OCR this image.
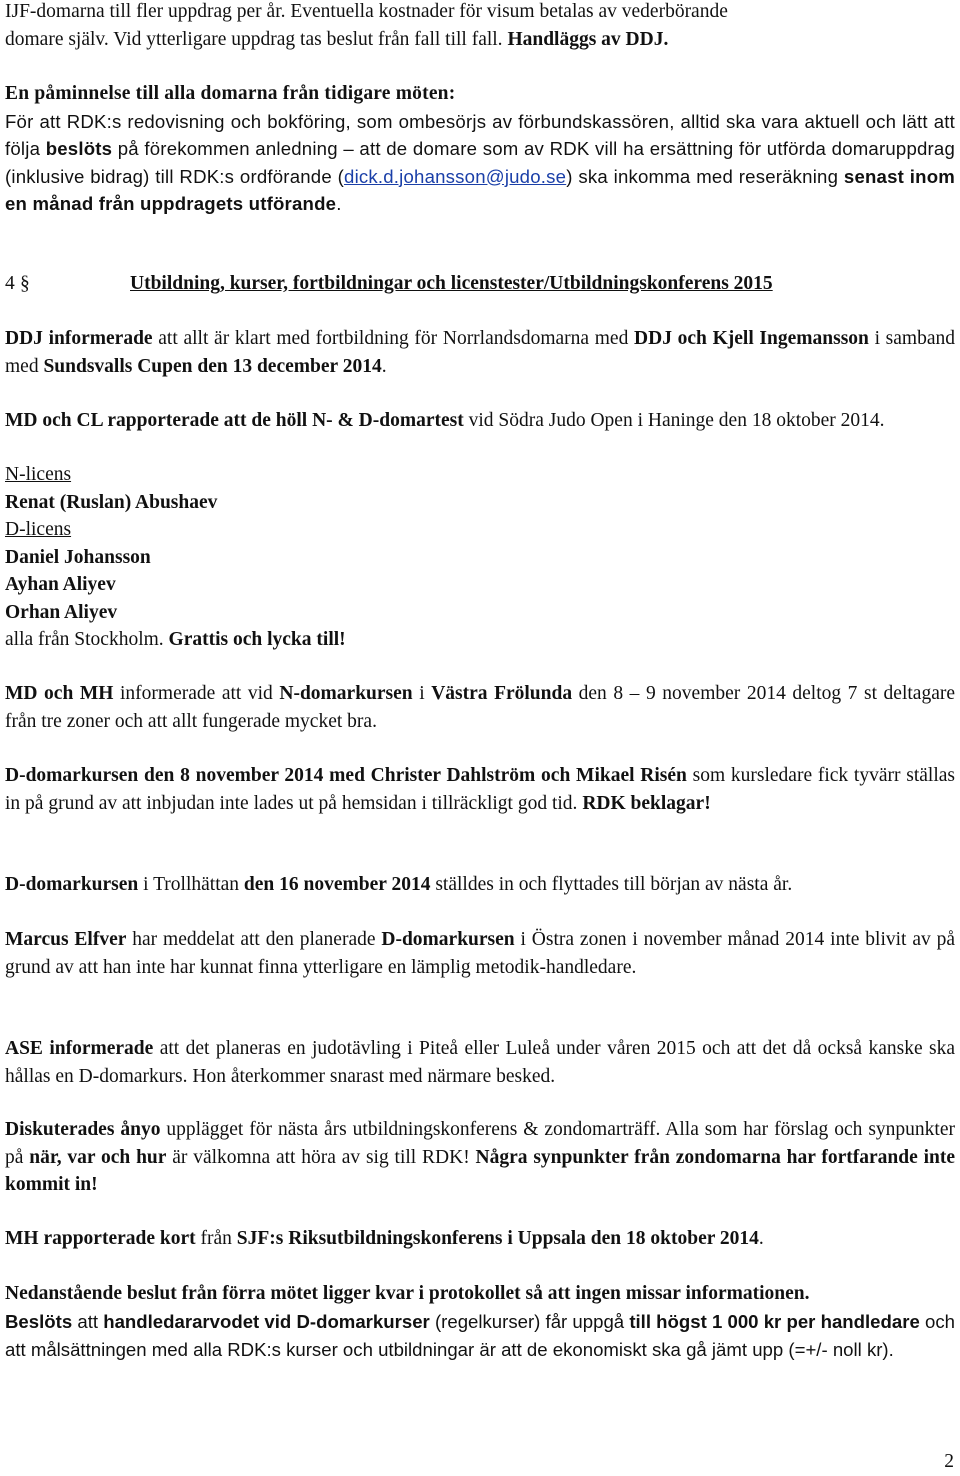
IJF-domarna till fler uppdrag per år. Eventuella kostnader för visum betalas av vederbörande
domare själv. Vid ytterligare uppdrag tas beslut från fall till fall. Handläggs av DDJ.

En påminnelse till alla domarna från tidigare möten:
För att RDK:s redovisning och bokföring, som ombesörjs av förbundskassören, alltid ska vara aktuell och lätt att följa beslöts på förekommen anledning – att de domare som av RDK vill ha ersättning för utförda domaruppdrag (inklusive bidrag) till RDK:s ordförande (dick.d.johansson@judo.se) ska inkomma med reseräkning senast inom en månad från uppdragets utförande.

4 §	Utbildning, kurser, fortbildningar och licenstester/Utbildningskonferens 2015

DDJ informerade att allt är klart med fortbildning för Norrlandsdomarna med DDJ och Kjell Ingemansson i samband med Sundsvalls Cupen den 13 december 2014.

MD och CL rapporterade att de höll N- & D-domartest vid Södra Judo Open i Haninge den 18 oktober 2014.

N-licens
Renat (Ruslan) Abushaev
D-licens
Daniel Johansson
Ayhan Aliyev
Orhan Aliyev
alla från Stockholm. Grattis och lycka till!

MD och MH informerade att vid N-domarkursen i Västra Frölunda den 8 – 9 november 2014 deltog 7 st deltagare från tre zoner och att allt fungerade mycket bra.

D-domarkursen den 8 november 2014 med Christer Dahlström och Mikael Risén som kursledare fick tyvärr ställas in på grund av att inbjudan inte lades ut på hemsidan i tillräckligt god tid. RDK beklagar!

D-domarkursen i Trollhättan den 16 november 2014 ställdes in och flyttades till början av nästa år.

Marcus Elfver har meddelat att den planerade D-domarkursen i Östra zonen i november månad 2014 inte blivit av på grund av att han inte har kunnat finna ytterligare en lämplig metodik-handledare.

ASE informerade att det planeras en judotävling i Piteå eller Luleå under våren 2015 och att det då också kanske ska hållas en D-domarkurs. Hon återkommer snarast med närmare besked.

Diskuterades ånyo upplägget för nästa års utbildningskonferens & zondomarträff. Alla som har förslag och synpunkter på när, var och hur är välkomna att höra av sig till RDK! Några synpunkter från zondomarna har fortfarande inte kommit in!

MH rapporterade kort från SJF:s Riksutbildningskonferens i Uppsala den 18 oktober 2014.

Nedanstående beslut från förra mötet ligger kvar i protokollet så att ingen missar informationen.
Beslöts att handledararvodet vid D-domarkurser (regelkurser) får uppgå till högst 1 000 kr per handledare och att målsättningen med alla RDK:s kurser och utbildningar är att de ekonomiskt ska gå jämt upp (=+/- noll kr).

2
